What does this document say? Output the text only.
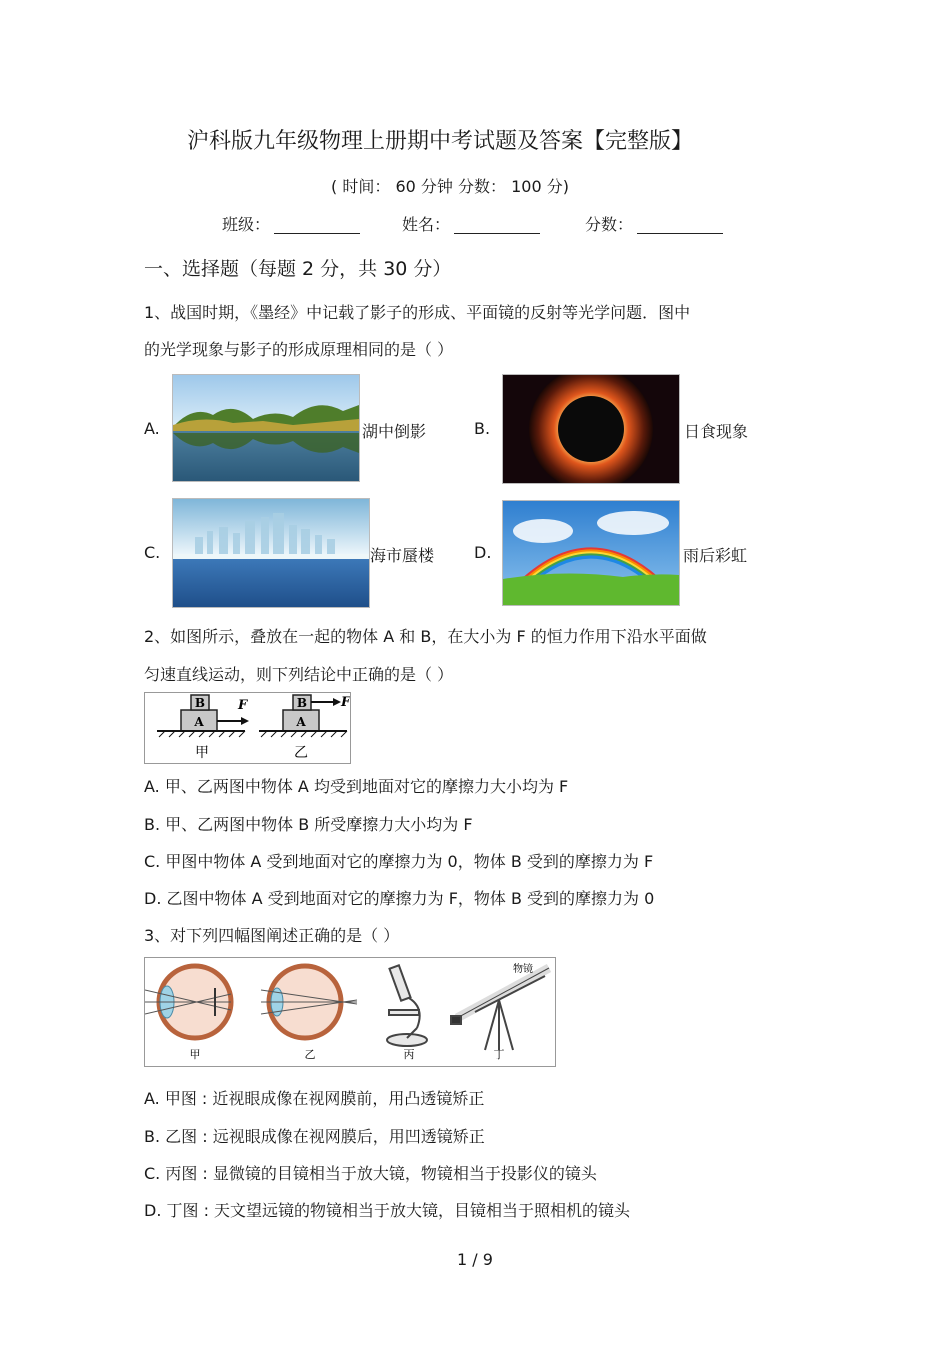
沪科版九年级物理上册期中考试题及答案【完整版】
( 时间： 60 分钟 分数： 100 分)
班级：	姓名：	分数：
一、选择题（每题 2 分，共 30 分）
1、战国时期，《墨经》中记载了影子的形成、平面镜的反射等光学问题．图中
的光学现象与影子的形成原理相同的是（ ）
A.	湖中倒影	B.	日食现象
C.	海市蜃楼 D.	雨后彩虹
2、如图所示，叠放在一起的物体 A 和 B，在大小为 F 的恒力作用下沿水平面做
匀速直线运动，则下列结论中正确的是（ ）
B
A
F
甲
B
A
F
乙
A. 甲、乙两图中物体 A 均受到地面对它的摩擦力大小均为 F
B. 甲、乙两图中物体 B 所受摩擦力大小均为 F
C. 甲图中物体 A 受到地面对它的摩擦力为 0，物体 B 受到的摩擦力为 F
D. 乙图中物体 A 受到地面对它的摩擦力为 F，物体 B 受到的摩擦力为 0
3、对下列四幅图阐述正确的是（ ）
甲	乙	丙
物镜
丁
A. 甲图 : 近视眼成像在视网膜前，用凸透镜矫正
B. 乙图 : 远视眼成像在视网膜后，用凹透镜矫正
C. 丙图 : 显微镜的目镜相当于放大镜，物镜相当于投影仪的镜头
D. 丁图 : 天文望远镜的物镜相当于放大镜，目镜相当于照相机的镜头
1 / 9
